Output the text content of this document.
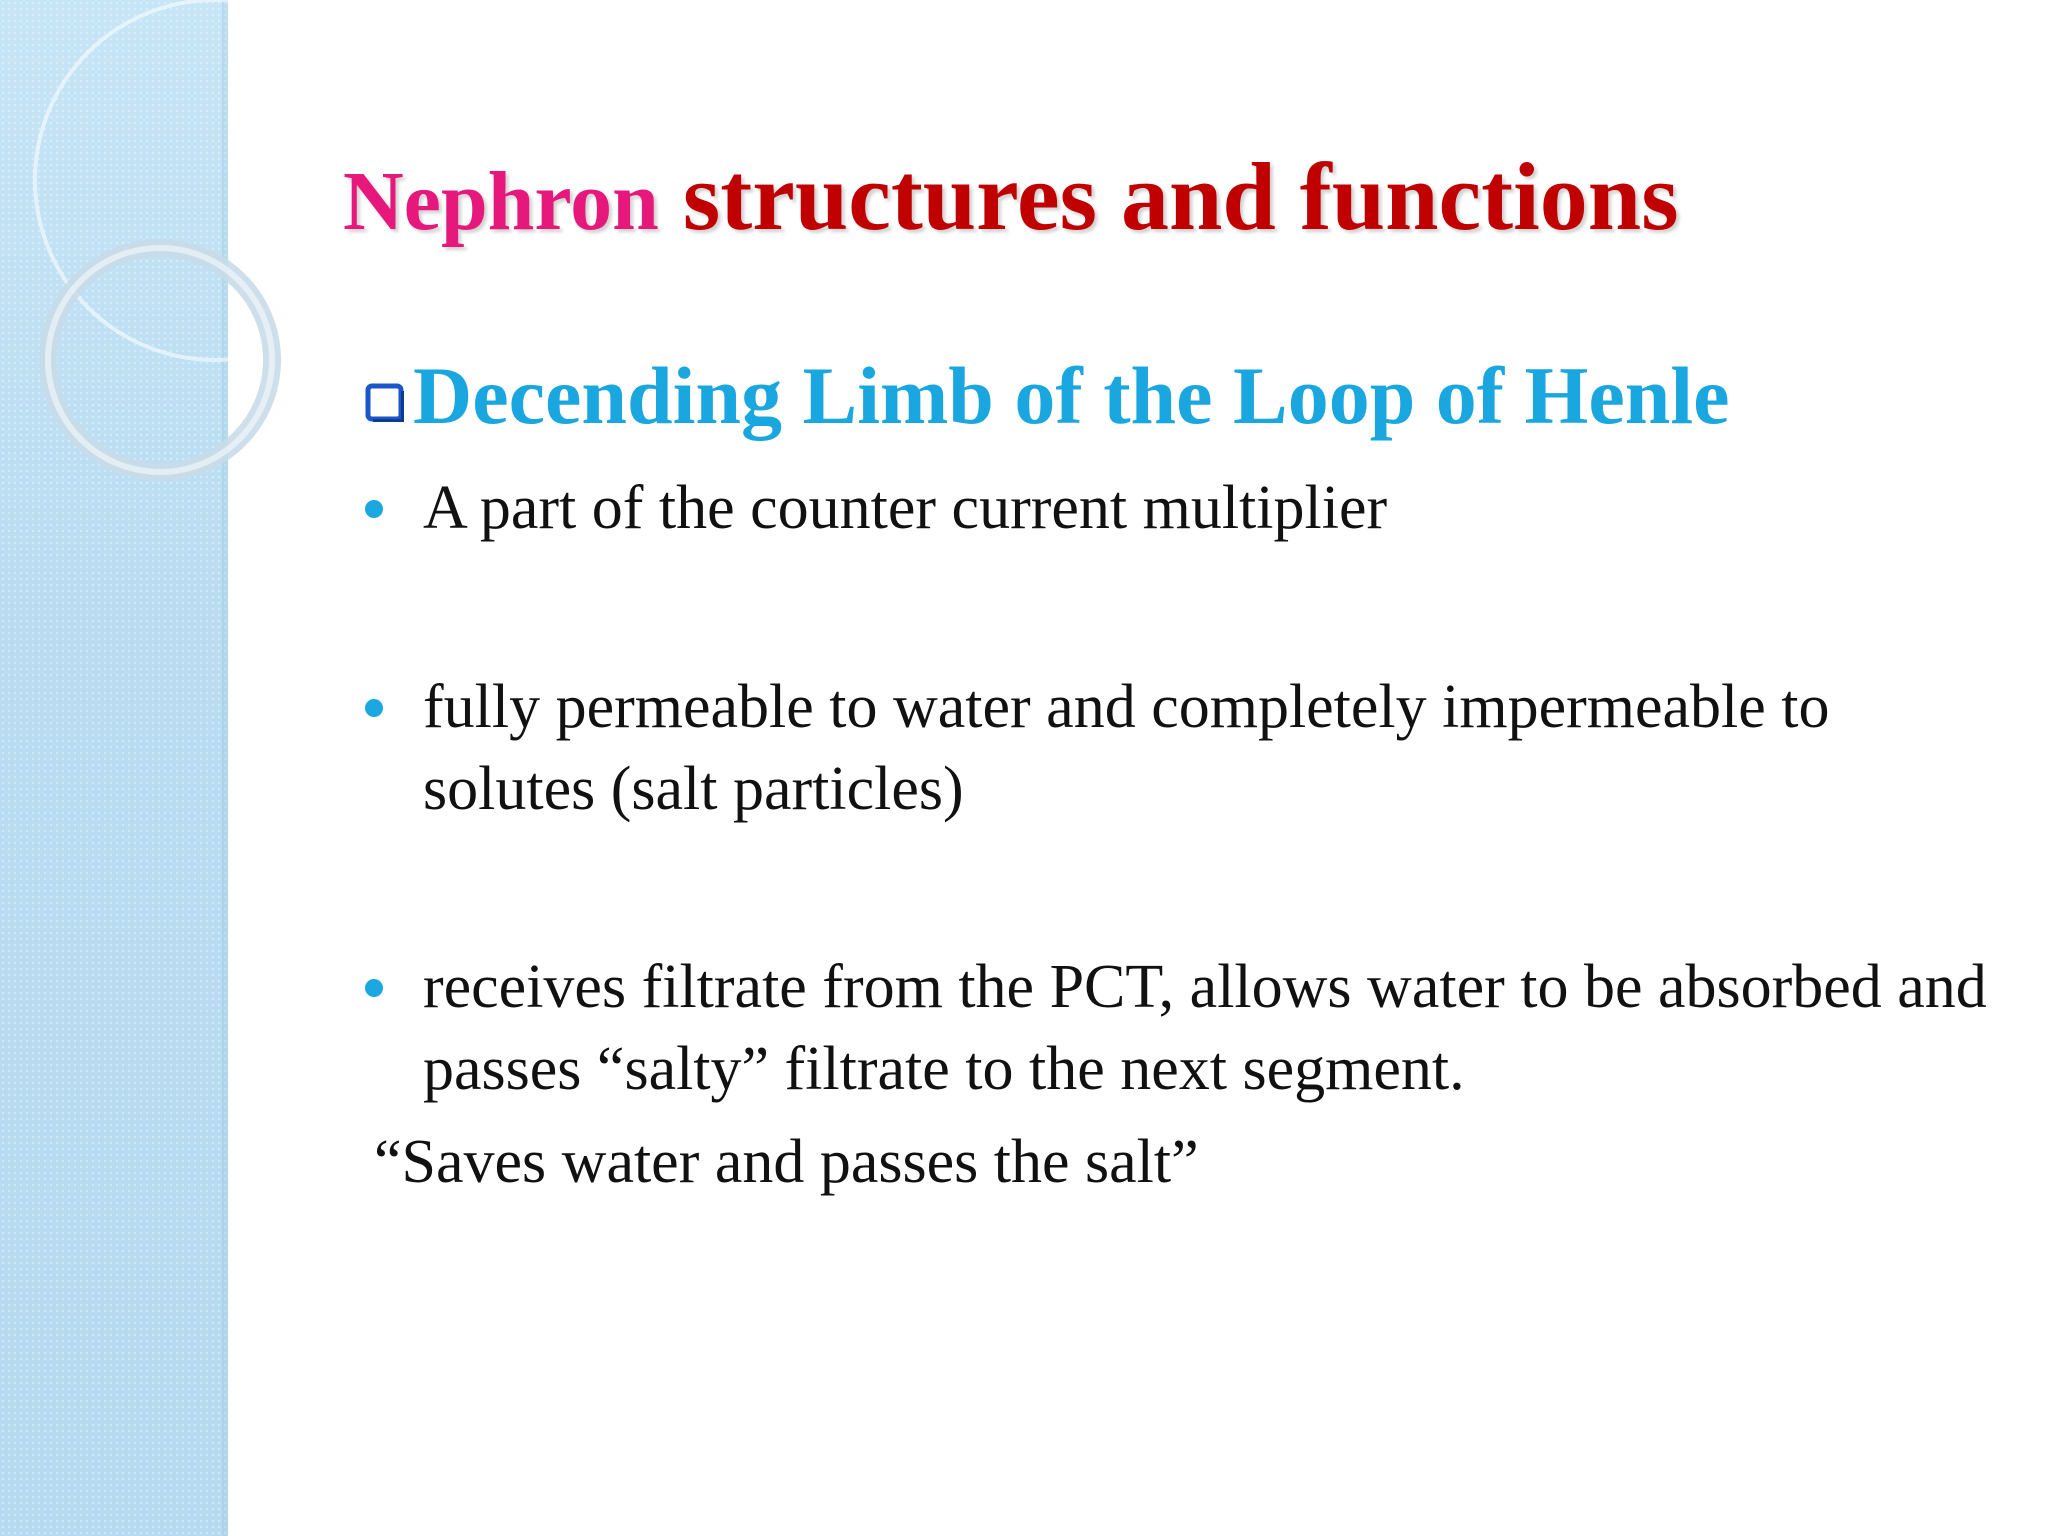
Nephron structures and functions
Decending Limb of the Loop of Henle
A part of the counter current multiplier
fully permeable to water and completely impermeable to solutes (salt particles)
receives filtrate from the PCT, allows water to be absorbed and passes “salty” filtrate to the next segment.
“Saves water and passes the salt”
